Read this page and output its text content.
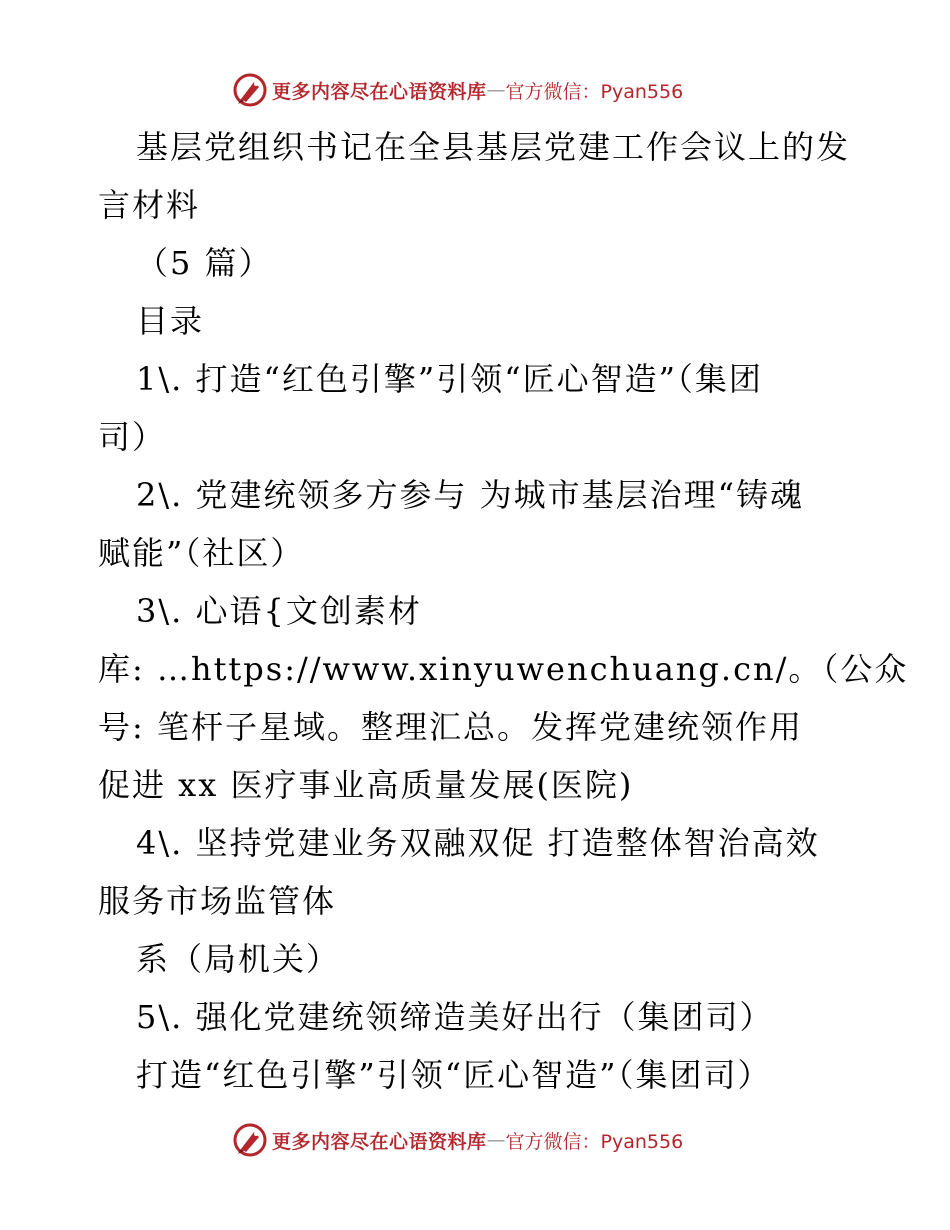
更多内容尽在心语资料库 — 官方微信：Pyan556
基层党组织书记在全县基层党建工作会议上的发
言材料
（5 篇）
目录
1\. 打造“红色引擎”引领“匠心智造”（集团
司）
2\. 党建统领多方参与 为城市基层治理“铸魂
赋能”（社区）
3\. 心语{文创素材
库: …https://www.xinyuwenchuang.cn/。（公众
号: 笔杆子星域。整理汇总。发挥党建统领作用
促进 xx 医疗事业高质量发展(医院)
4\. 坚持党建业务双融双促 打造整体智治高效
服务市场监管体
系（局机关）
5\. 强化党建统领缔造美好出行（集团司）
打造“红色引擎”引领“匠心智造”（集团司）
更多内容尽在心语资料库 — 官方微信：Pyan556
